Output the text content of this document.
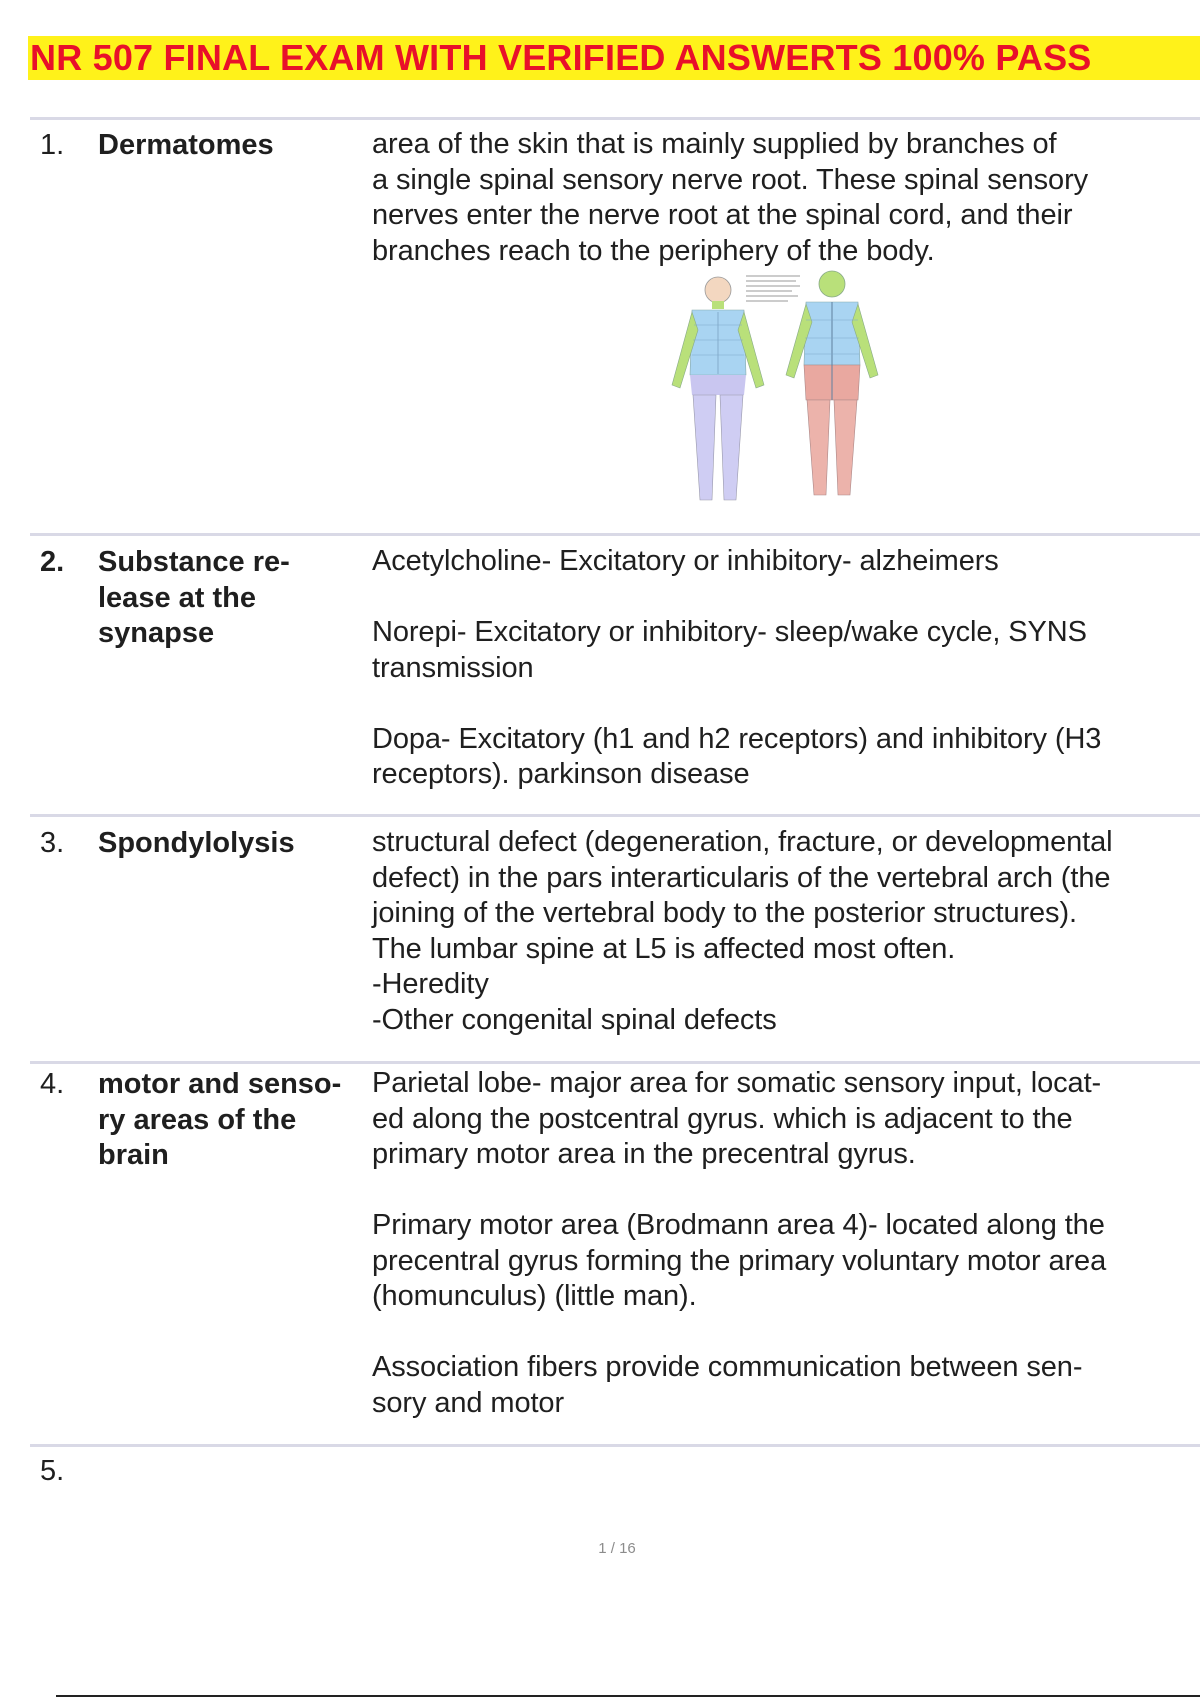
NR 507 FINAL EXAM WITH VERIFIED ANSWERTS 100% PASS
1. Dermatomes	area of the skin that is mainly supplied by branches of
a single spinal sensory nerve root. These spinal sensory
nerves enter the nerve root at the spinal cord, and their
branches reach to the periphery of the body.
2. Substance re-
lease at the
synapse
Acetylcholine- Excitatory or inhibitory- alzheimers
Norepi- Excitatory or inhibitory- sleep/wake cycle, SYNS
transmission
Dopa- Excitatory (h1 and h2 receptors) and inhibitory (H3
receptors). parkinson disease
3. Spondylolysis	structural defect (degeneration, fracture, or developmental
defect) in the pars interarticularis of the vertebral arch (the
joining of the vertebral body to the posterior structures).
The lumbar spine at L5 is affected most often.
-Heredity
-Other congenital spinal defects
4. motor and senso-
ry areas of the
brain
Parietal lobe- major area for somatic sensory input, locat-
ed along the postcentral gyrus. which is adjacent to the
primary motor area in the precentral gyrus.
Primary motor area (Brodmann area 4)- located along the
precentral gyrus forming the primary voluntary motor area
(homunculus) (little man).
Association fibers provide communication between sen-
sory and motor
5.
1 / 16
